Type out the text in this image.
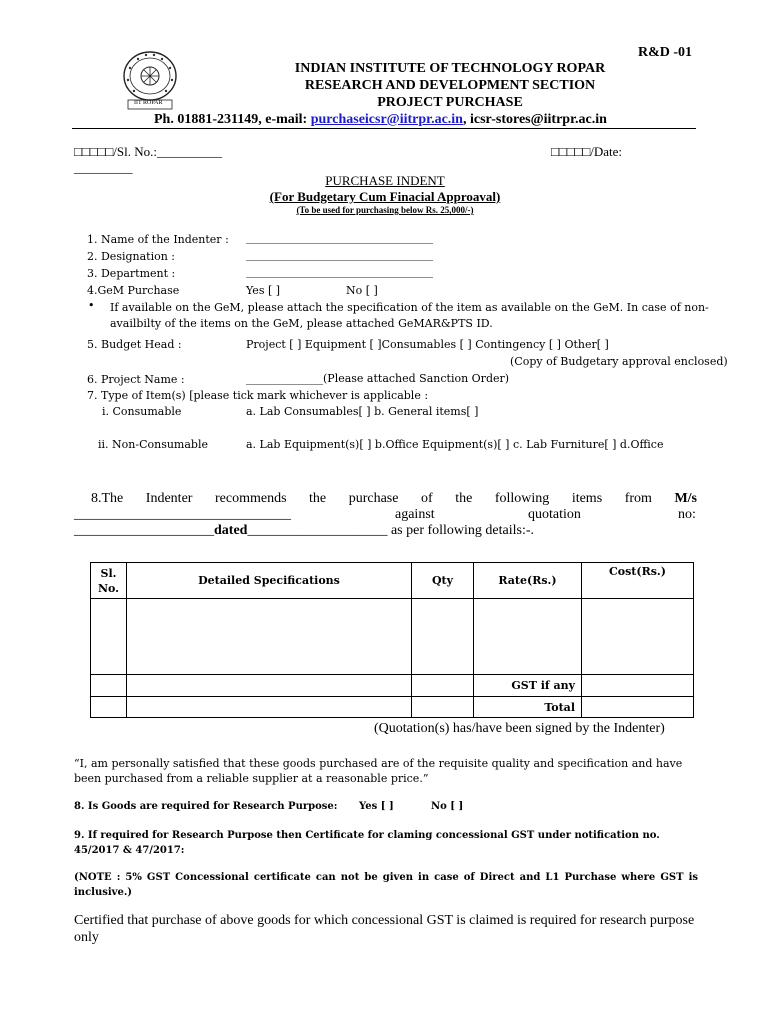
IIT ROPAR
R&D -01
INDIAN INSTITUTE OF TECHNOLOGY ROPAR
RESEARCH AND DEVELOPMENT SECTION
PROJECT PURCHASE
Ph. 01881-231149, e-mail: purchaseicsr@iitrpr.ac.in, icsr-stores@iitrpr.ac.in
□□□□□/Sl. No.:__________
_________
□□□□□/Date:
PURCHASE INDENT
(For Budgetary Cum Finacial Approaval)
(To be used for purchasing below Rs. 25,000/-)
1. Name of the Indenter : __________________________________
2. Designation :	__________________________________
3. Department :	__________________________________
4.GeM Purchase	Yes [ ]	No [ ]
• If available on the GeM, please attach the specification of the item as available on the GeM. In case of non-availbilty of the items on the GeM, please attached GeMAR&PTS ID.
5. Budget Head :	Project [ ] Equipment [ ]Consumables [ ] Contingency [ ] Other[ ]
(Copy of Budgetary approval enclosed)
6. Project Name :	______________(Please attached Sanction Order)
7. Type of Item(s) [please tick mark whichever is applicable :
i. Consumable	a. Lab Consumables[ ] b. General items[ ]
ii. Non-Consumable	a. Lab Equipment(s)[ ] b.Office Equipment(s)[ ] c. Lab Furniture[ ] d.Office
8.The Indenter recommends the purchase of the following items from M/s
_______________________________	against	quotation	no:
____________________dated____________________ as per following details:-.
Sl. No.	Detailed Specifications	Qty	Rate(Rs.)	Cost(Rs.)

			GST if any	
			Total	
(Quotation(s) has/have been signed by the Indenter)
“I, am personally satisfied that these goods purchased are of the requisite quality and specification and have been purchased from a reliable supplier at a reasonable price.”
8. Is Goods are required for Research Purpose: Yes [ ]	No [ ]
9. If required for Research Purpose then Certificate for claming concessional GST under notification no. 45/2017 & 47/2017:
(NOTE : 5% GST Concessional certificate can not be given in case of Direct and L1 Purchase where GST is inclusive.)
Certified that purchase of above goods for which concessional GST is claimed is required for research purpose only
